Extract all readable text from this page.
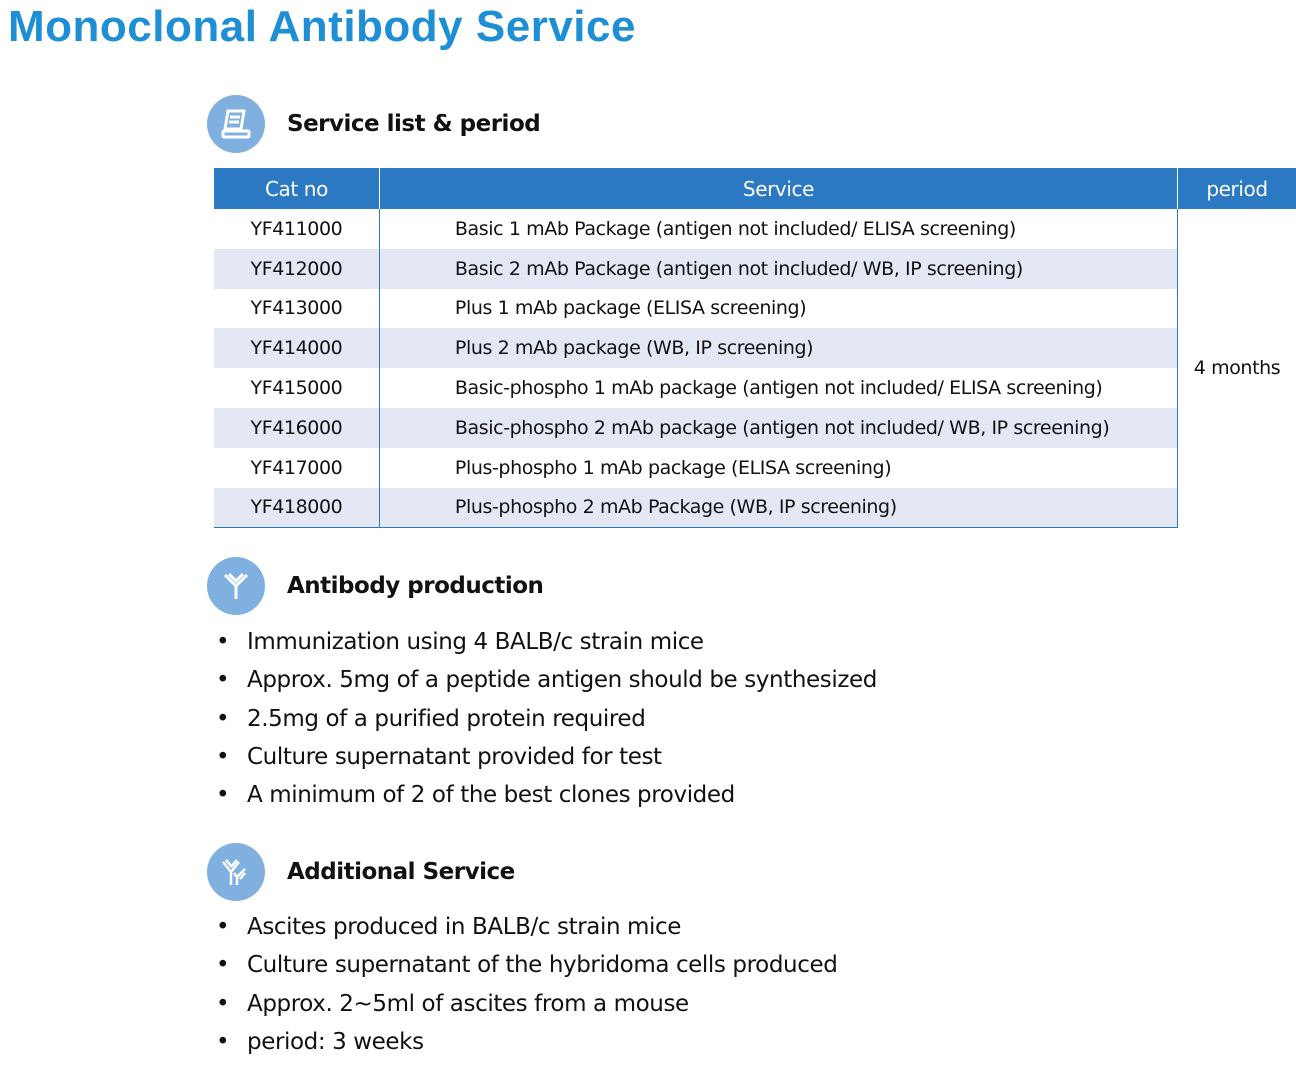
Monoclonal Antibody Service
Service list & period
Cat no	Service	period
YF411000	Basic 1 mAb Package (antigen not included/ ELISA screening)	4 months
YF412000	Basic 2 mAb Package (antigen not included/ WB, IP screening)	
YF413000	Plus 1 mAb package (ELISA screening)	
YF414000	Plus 2 mAb package (WB, IP screening)	
YF415000	Basic-phospho 1 mAb package (antigen not included/ ELISA screening)	
YF416000	Basic-phospho 2 mAb package (antigen not included/ WB, IP screening)	
YF417000	Plus-phospho 1 mAb package (ELISA screening)	
YF418000	Plus-phospho 2 mAb Package (WB, IP screening)	
Antibody production
• Immunization using 4 BALB/c strain mice
• Approx. 5mg of a peptide antigen should be synthesized
• 2.5mg of a purified protein required
• Culture supernatant provided for test
• A minimum of 2 of the best clones provided
Additional Service
• Ascites produced in BALB/c strain mice
• Culture supernatant of the hybridoma cells produced
• Approx. 2~5ml of ascites from a mouse
• period: 3 weeks
